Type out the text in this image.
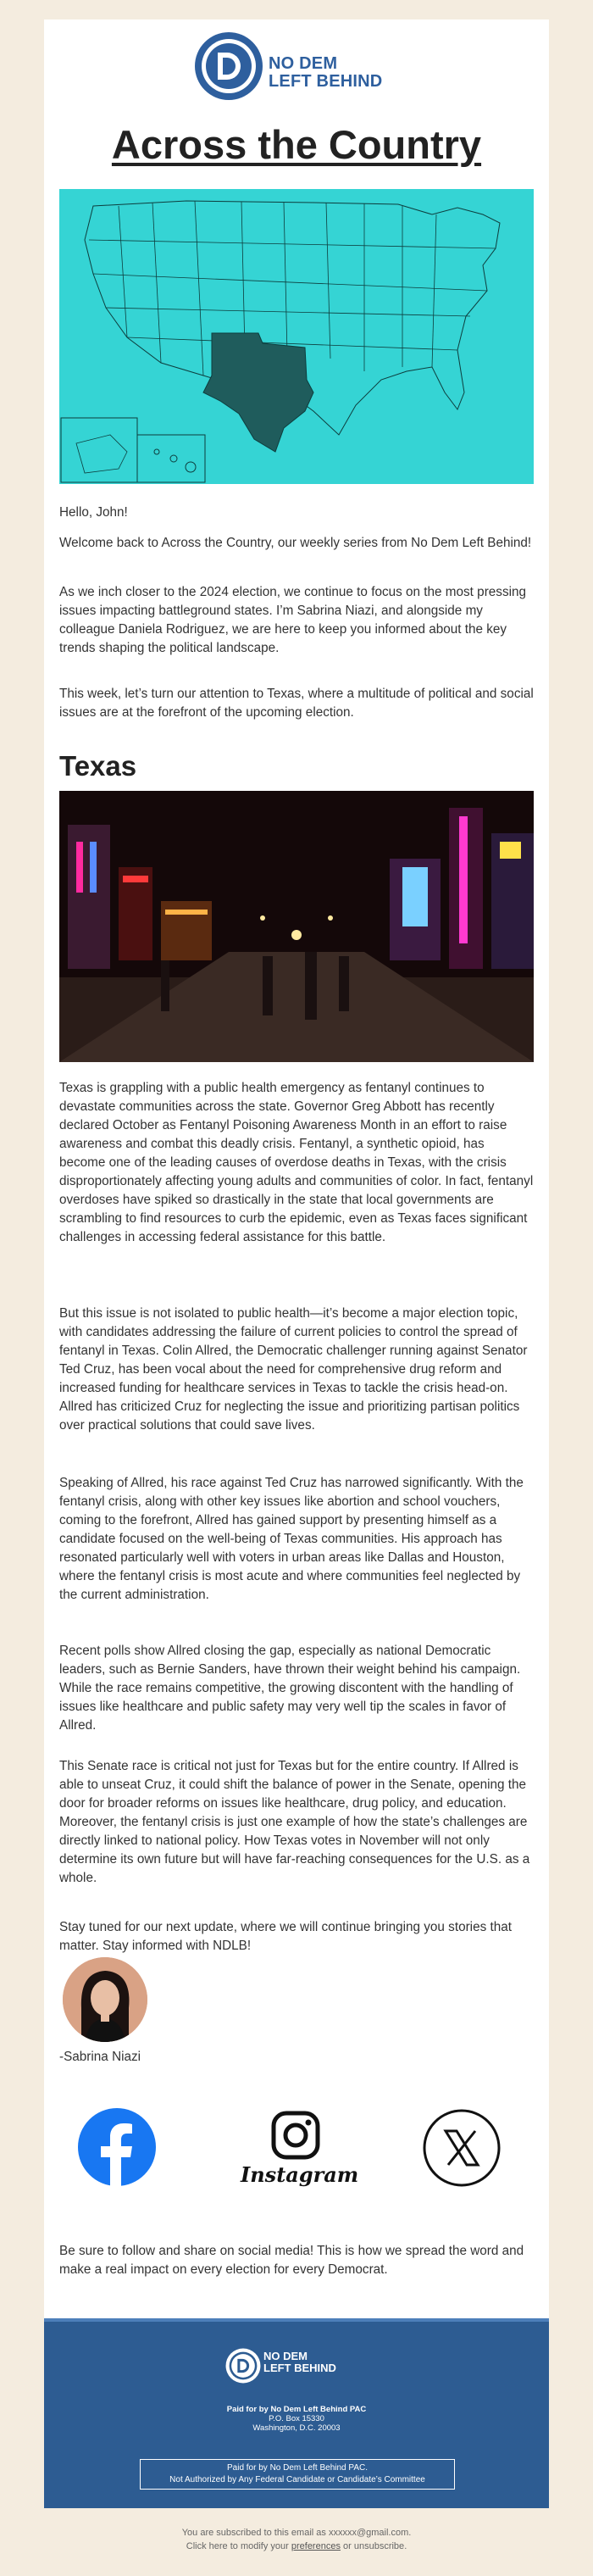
NO DEM
LEFT BEHIND
Across the Country

Hello, John!

Welcome back to Across the Country, our weekly series from No Dem Left Behind!

As we inch closer to the 2024 election, we continue to focus on the most pressing issues impacting battleground states. I’m Sabrina Niazi, and alongside my colleague Daniela Rodriguez, we are here to keep you informed about the key trends shaping the political landscape.

This week, let’s turn our attention to Texas, where a multitude of political and social issues are at the forefront of the upcoming election.

Texas

Texas is grappling with a public health emergency as fentanyl continues to devastate communities across the state. Governor Greg Abbott has recently declared October as Fentanyl Poisoning Awareness Month in an effort to raise awareness and combat this deadly crisis. Fentanyl, a synthetic opioid, has become one of the leading causes of overdose deaths in Texas, with the crisis disproportionately affecting young adults and communities of color. In fact, fentanyl overdoses have spiked so drastically in the state that local governments are scrambling to find resources to curb the epidemic, even as Texas faces significant challenges in accessing federal assistance for this battle.

But this issue is not isolated to public health—it’s become a major election topic, with candidates addressing the failure of current policies to control the spread of fentanyl in Texas. Colin Allred, the Democratic challenger running against Senator Ted Cruz, has been vocal about the need for comprehensive drug reform and increased funding for healthcare services in Texas to tackle the crisis head-on. Allred has criticized Cruz for neglecting the issue and prioritizing partisan politics over practical solutions that could save lives.

Speaking of Allred, his race against Ted Cruz has narrowed significantly. With the fentanyl crisis, along with other key issues like abortion and school vouchers, coming to the forefront, Allred has gained support by presenting himself as a candidate focused on the well-being of Texas communities. His approach has resonated particularly well with voters in urban areas like Dallas and Houston, where the fentanyl crisis is most acute and where communities feel neglected by the current administration.

Recent polls show Allred closing the gap, especially as national Democratic leaders, such as Bernie Sanders, have thrown their weight behind his campaign. While the race remains competitive, the growing discontent with the handling of issues like healthcare and public safety may very well tip the scales in favor of Allred.

This Senate race is critical not just for Texas but for the entire country. If Allred is able to unseat Cruz, it could shift the balance of power in the Senate, opening the door for broader reforms on issues like healthcare, drug policy, and education. Moreover, the fentanyl crisis is just one example of how the state’s challenges are directly linked to national policy. How Texas votes in November will not only determine its own future but will have far-reaching consequences for the U.S. as a whole.

Stay tuned for our next update, where we will continue bringing you stories that matter. Stay informed with NDLB!

-Sabrina Niazi

Instagram

Be sure to follow and share on social media! This is how we spread the word and make a real impact on every election for every Democrat.

NO DEM
LEFT BEHIND
Paid for by No Dem Left Behind PAC
P.O. Box 15330
Washington, D.C. 20003
Paid for by No Dem Left Behind PAC.
Not Authorized by Any Federal Candidate or Candidate’s Committee
You are subscribed to this email as xxxxxx@gmail.com.
Click here to modify your preferences or unsubscribe.
